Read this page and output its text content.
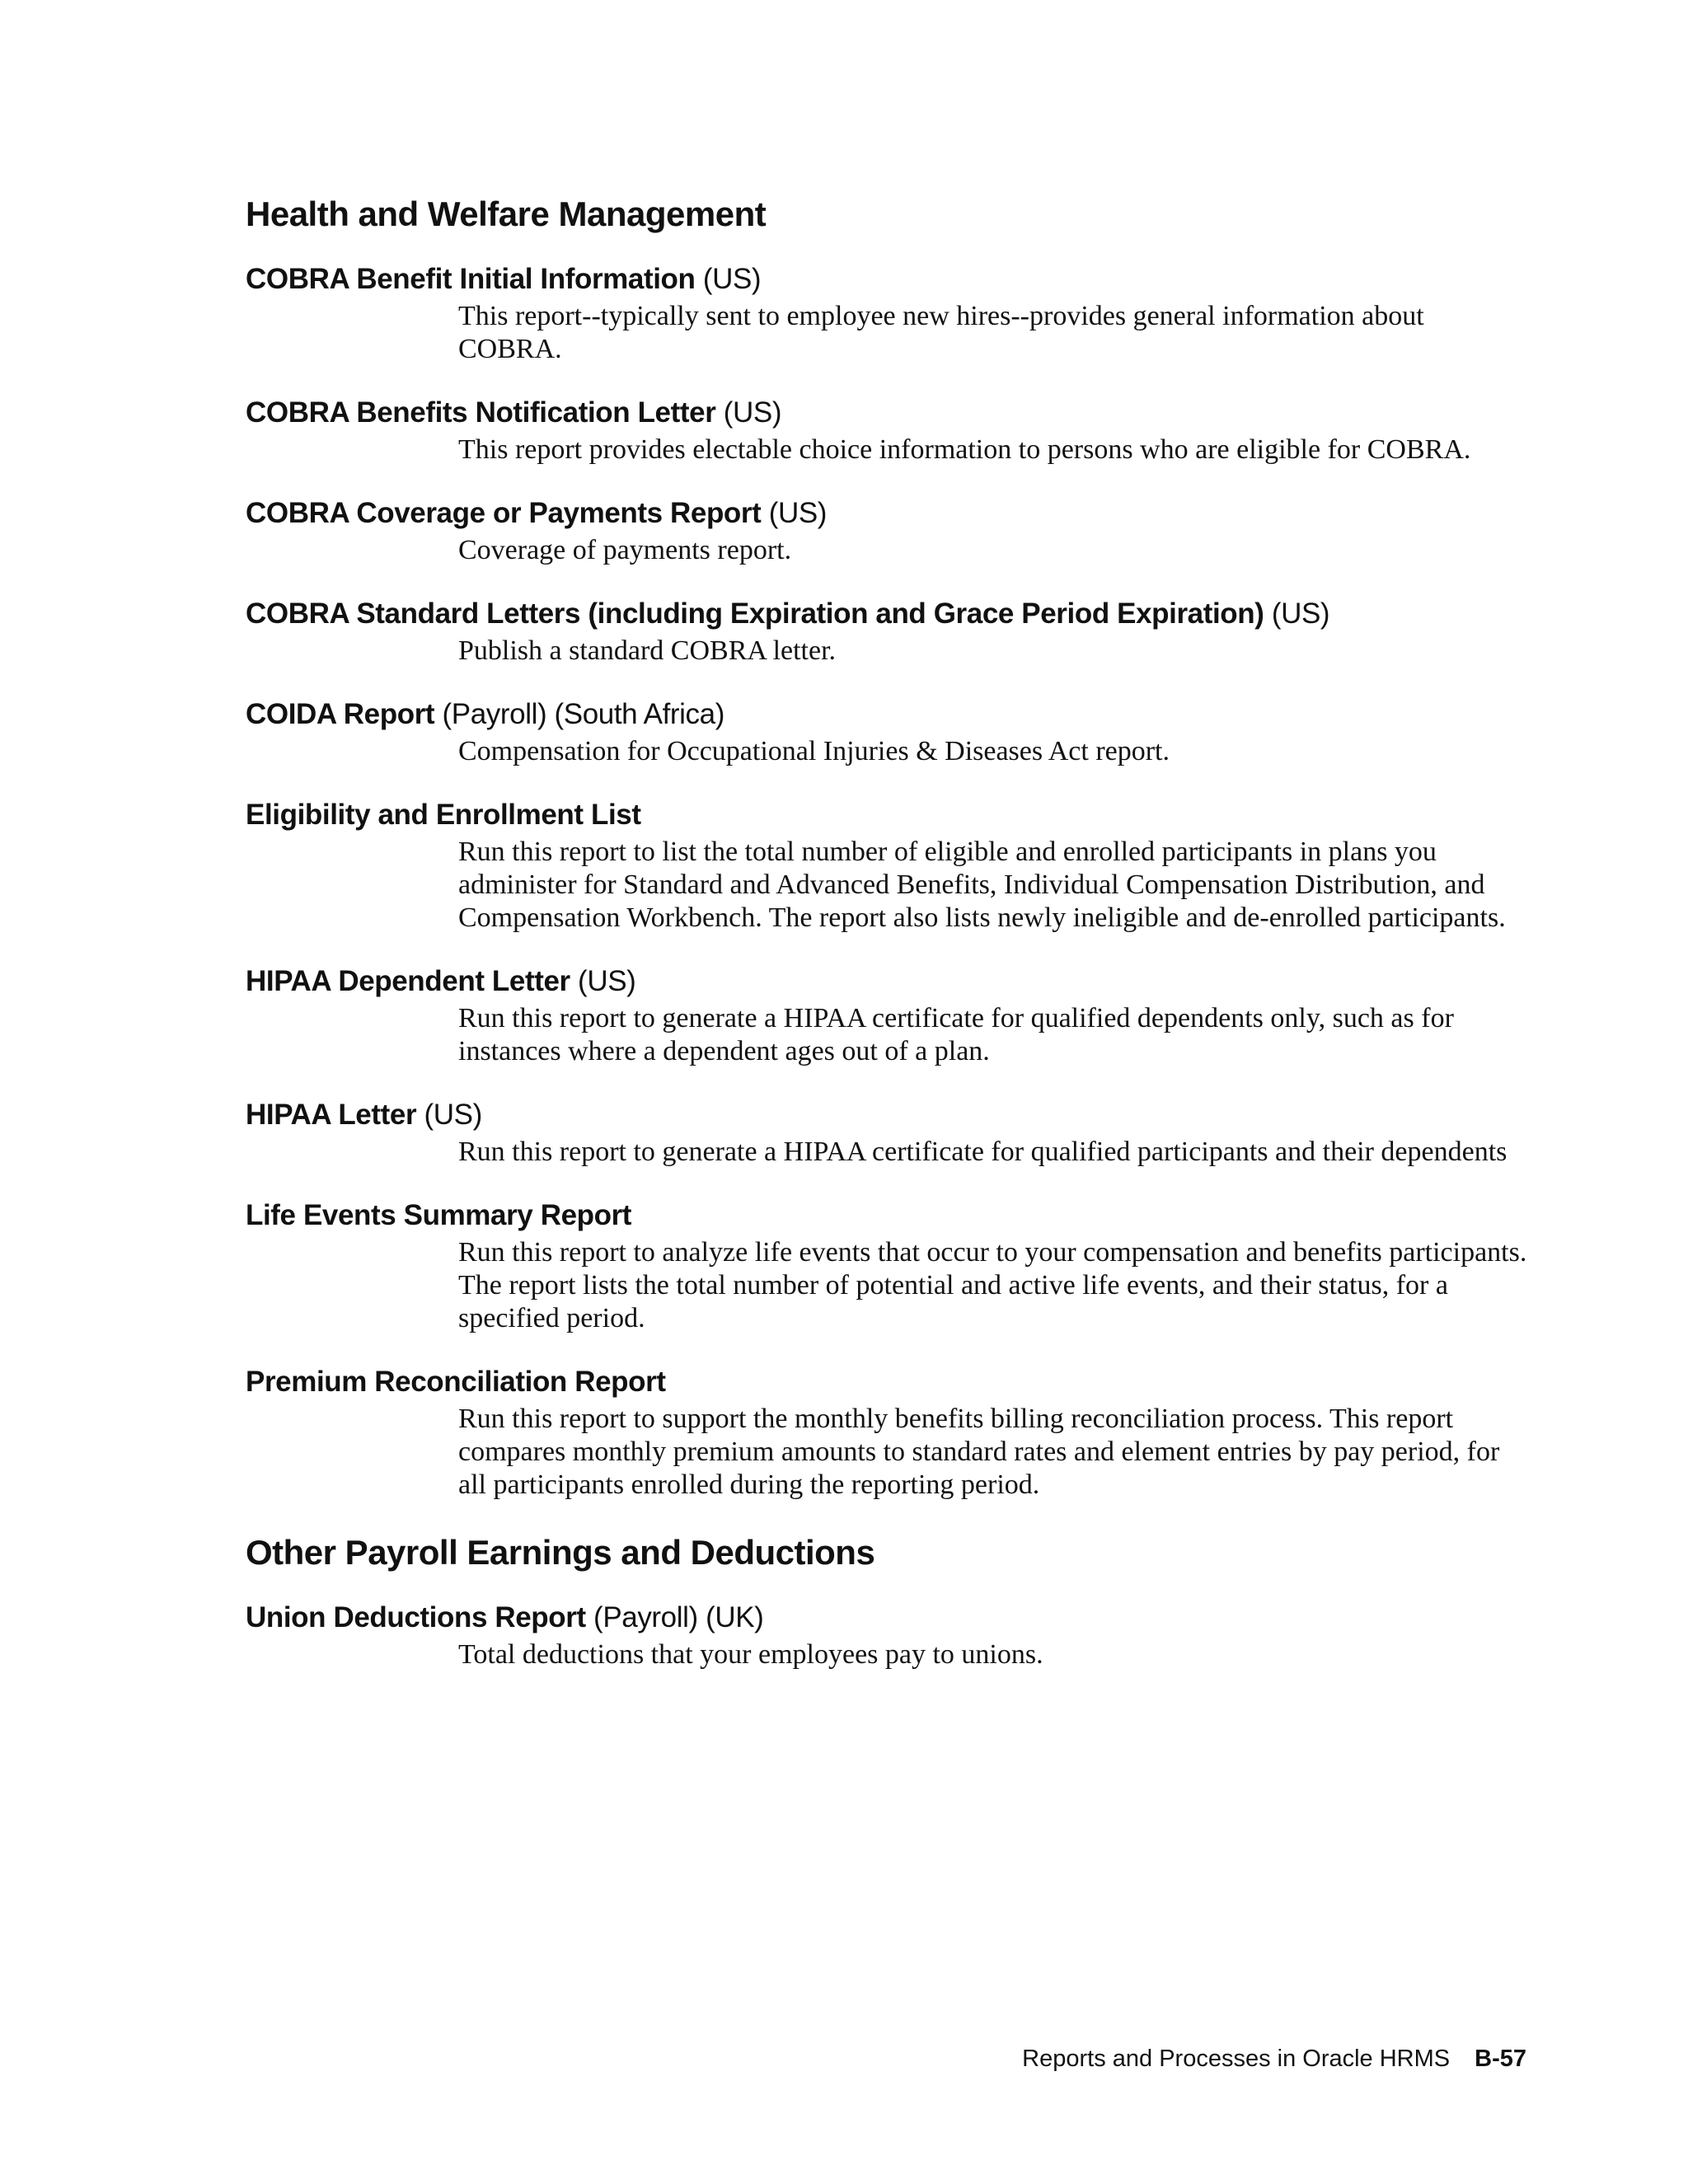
Health and Welfare Management

COBRA Benefit Initial Information (US)

This report--typically sent to employee new hires--provides general information about COBRA.

COBRA Benefits Notification Letter (US)

This report provides electable choice information to persons who are eligible for COBRA.

COBRA Coverage or Payments Report (US)

Coverage of payments report.

COBRA Standard Letters (including Expiration and Grace Period Expiration) (US)

Publish a standard COBRA letter.

COIDA Report (Payroll) (South Africa)

Compensation for Occupational Injuries & Diseases Act report.

Eligibility and Enrollment List

Run this report to list the total number of eligible and enrolled participants in plans you administer for Standard and Advanced Benefits, Individual Compensation Distribution, and Compensation Workbench. The report also lists newly ineligible and de-enrolled participants.

HIPAA Dependent Letter (US)

Run this report to generate a HIPAA certificate for qualified dependents only, such as for instances where a dependent ages out of a plan.

HIPAA Letter (US)

Run this report to generate a HIPAA certificate for qualified participants and their dependents

Life Events Summary Report

Run this report to analyze life events that occur to your compensation and benefits participants. The report lists the total number of potential and active life events, and their status, for a specified period.

Premium Reconciliation Report

Run this report to support the monthly benefits billing reconciliation process. This report compares monthly premium amounts to standard rates and element entries by pay period, for all participants enrolled during the reporting period.

Other Payroll Earnings and Deductions

Union Deductions Report (Payroll) (UK)

Total deductions that your employees pay to unions.

Reports and Processes in Oracle HRMS B-57
